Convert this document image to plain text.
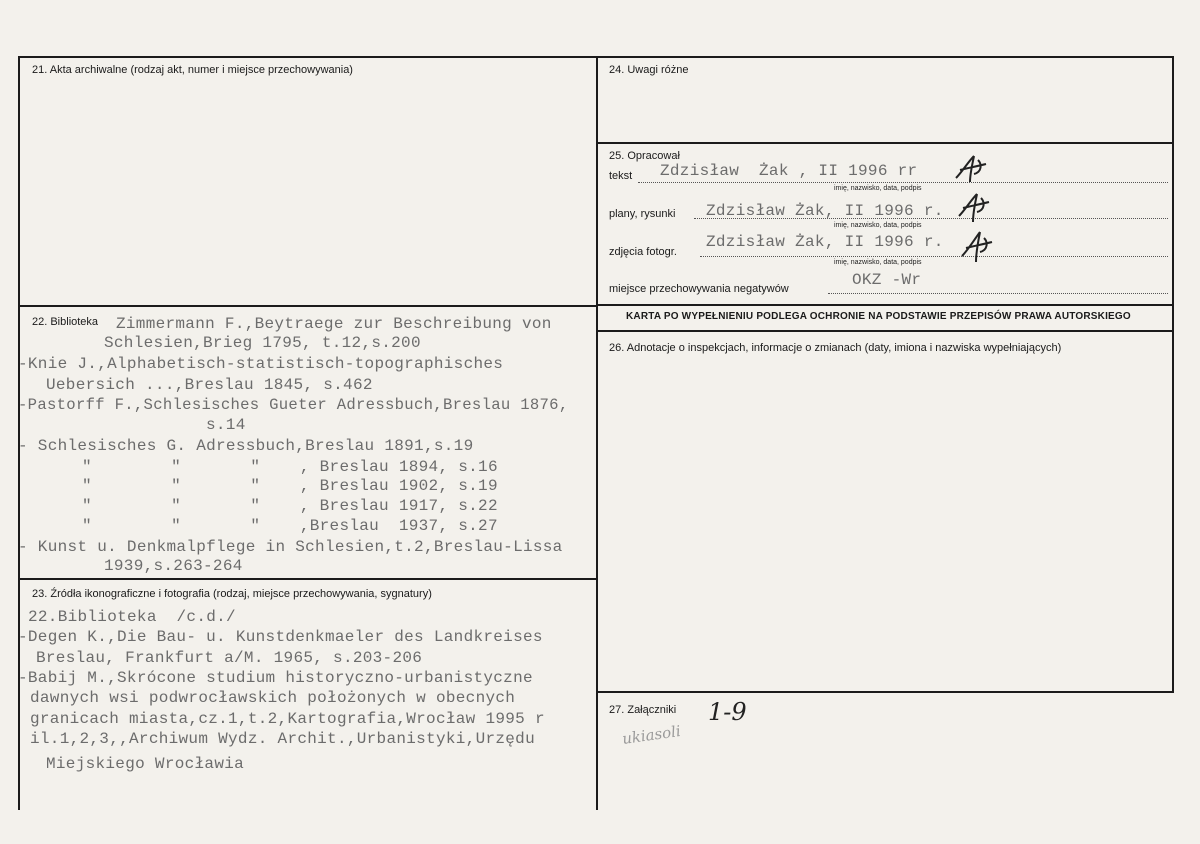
21. Akta archiwalne (rodzaj akt, numer i miejsce przechowywania)
22. Biblioteka
23. Źródła ikonograficzne i fotografia (rodzaj, miejsce przechowywania, sygnatury)
24. Uwagi różne
25. Opracował
26. Adnotacje o inspekcjach, informacje o zmianach (daty, imiona i nazwiska wypełniających)
27. Załączniki
tekst Zdzisław  Żak , II 1996 rr
imię, nazwisko, data, podpis
plany, rysunki Zdzisław Żak, II 1996 r.
imię, nazwisko, data, podpis
zdjęcia fotogr.
Zdzisław Żak, II 1996 r.
imię, nazwisko, data, podpis
miejsce przechowywania negatywów	OKZ -Wr
KARTA PO WYPEŁNIENIU PODLEGA OCHRONIE NA PODSTAWIE PRZEPISÓW PRAWA AUTORSKIEGO
Zimmermann F.,Beytraege zur Beschreibung von
Schlesien,Brieg 1795, t.12,s.200
-Knie J.,Alphabetisch-statistisch-topographisches
Uebersich ...,Breslau 1845, s.462
-Pastorff F.,Schlesisches Gueter Adressbuch,Breslau 1876,
s.14
- Schlesisches G. Adressbuch,Breslau 1891,s.19
"        "       "    , Breslau 1894, s.16
"        "       "    , Breslau 1902, s.19
"        "       "    , Breslau 1917, s.22
"        "       "    ,Breslau  1937, s.27
- Kunst u. Denkmalpflege in Schlesien,t.2,Breslau-Lissa
1939,s.263-264
22.Biblioteka  /c.d./
-Degen K.,Die Bau- u. Kunstdenkmaeler des Landkreises
Breslau, Frankfurt a/M. 1965, s.203-206
-Babij M.,Skrócone studium historyczno-urbanistyczne
dawnych wsi podwrocławskich położonych w obecnych
granicach miasta,cz.1,t.2,Kartografia,Wrocław 1995 r
il.1,2,3,,Archiwum Wydz. Archit.,Urbanistyki,Urzędu
Miejskiego Wrocławia
1-9
ukiasoli
